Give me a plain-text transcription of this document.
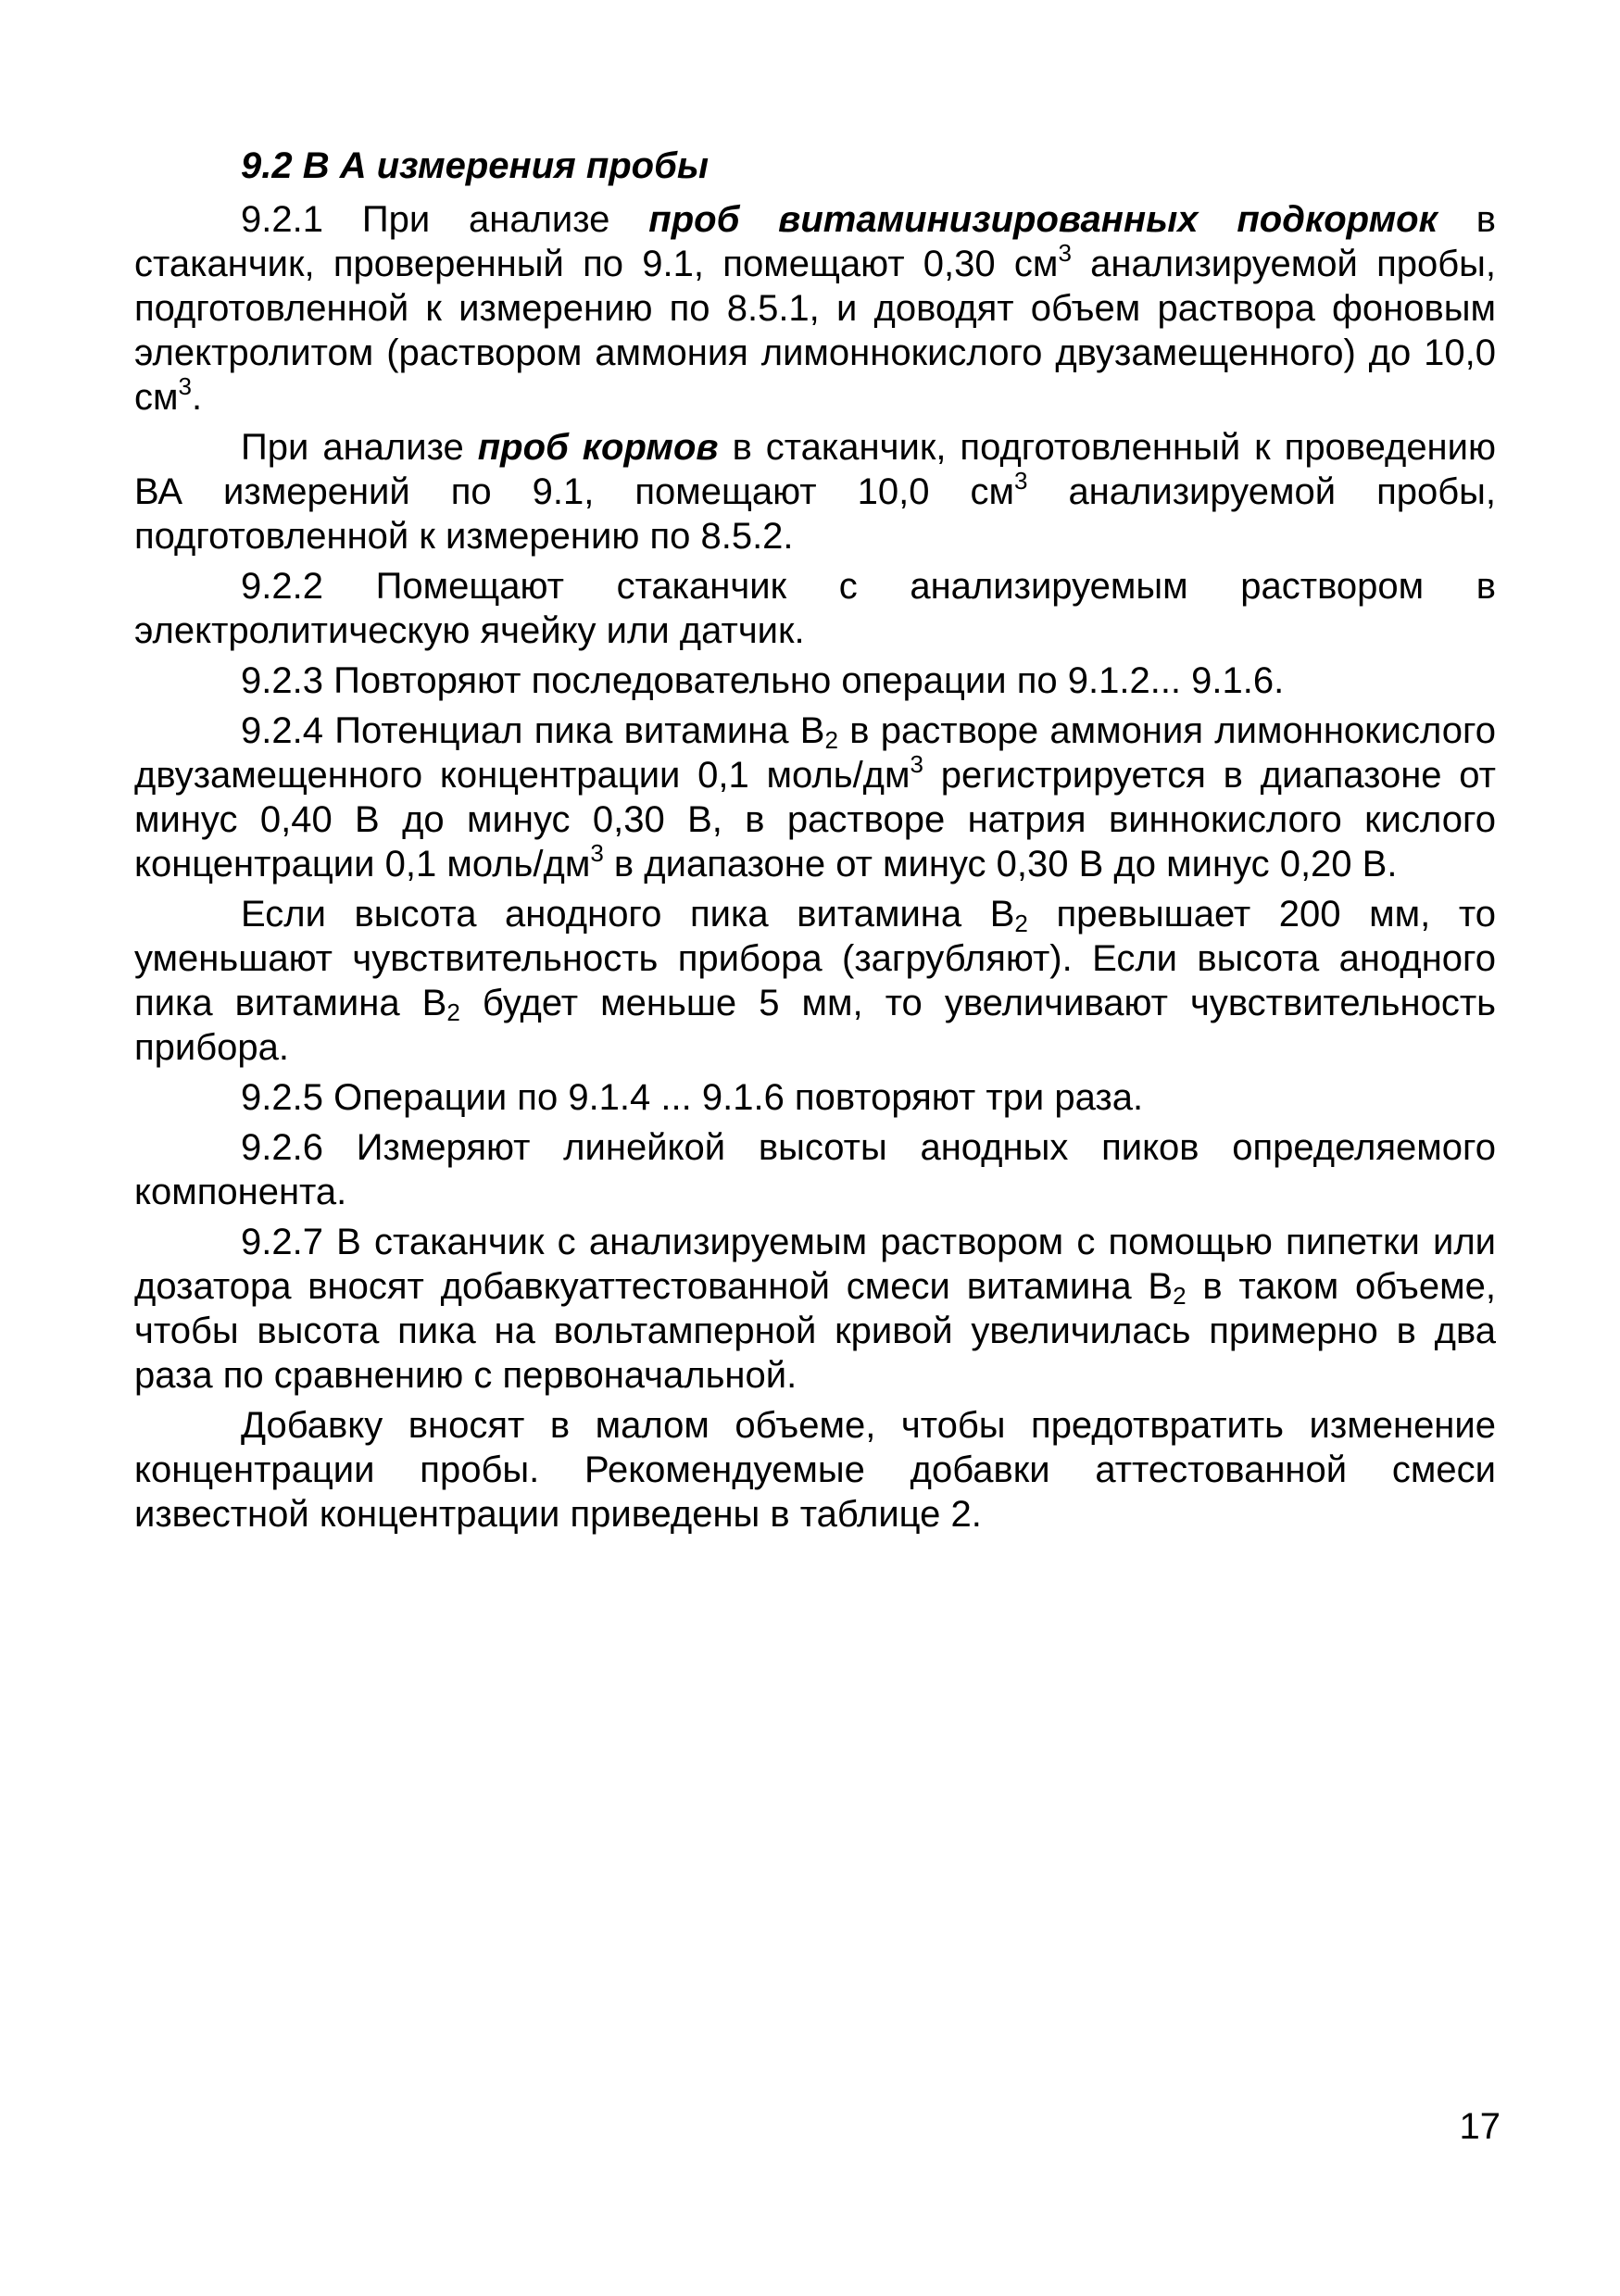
9.2 В А измерения пробы

9.2.1 При анализе проб витаминизированных подкормок в стаканчик, проверенный по 9.1, помещают 0,30 $см^3$ анализируемой пробы, подготовленной к измерению по 8.5.1, и доводят объем раствора фоновым электролитом (раствором аммония лимоннокислого двузамещенного) до 10,0 $см^3$.

При анализе проб кормов в стаканчик, подготовленный к проведению ВА измерений по 9.1, помещают 10,0 $см^3$ анализируемой пробы, подготовленной к измерению по 8.5.2.

9.2.2 Помещают стаканчик с анализируемым раствором в электролитическую ячейку или датчик.

9.2.3 Повторяют последовательно операции по 9.1.2... 9.1.6.

9.2.4 Потенциал пика витамина $В_2$ в растворе аммония лимоннокислого двузамещенного концентрации 0,1 моль/$дм^3$ регистрируется в диапазоне от минус 0,40 В до минус 0,30 В, в растворе натрия виннокислого кислого концентрации 0,1 моль/$дм^3$ в диапазоне от минус 0,30 В до минус 0,20 В.

Если высота анодного пика витамина $В_2$ превышает 200 мм, то уменьшают чувствительность прибора (загрубляют). Если высота анодного пика витамина $В_2$ будет меньше 5 мм, то увеличивают чувствительность прибора.

9.2.5 Операции по 9.1.4 ... 9.1.6 повторяют три раза.

9.2.6 Измеряют линейкой высоты анодных пиков определяемого компонента.

9.2.7 В стаканчик с анализируемым раствором с помощью пипетки или дозатора вносят добавкуаттестованной смеси витамина $В_2$ в таком объеме, чтобы высота пика на вольтамперной кривой увеличилась примерно в два раза по сравнению с первоначальной.

Добавку вносят в малом объеме, чтобы предотвратить изменение концентрации пробы. Рекомендуемые добавки аттестованной смеси известной концентрации приведены в таблице 2.

17
